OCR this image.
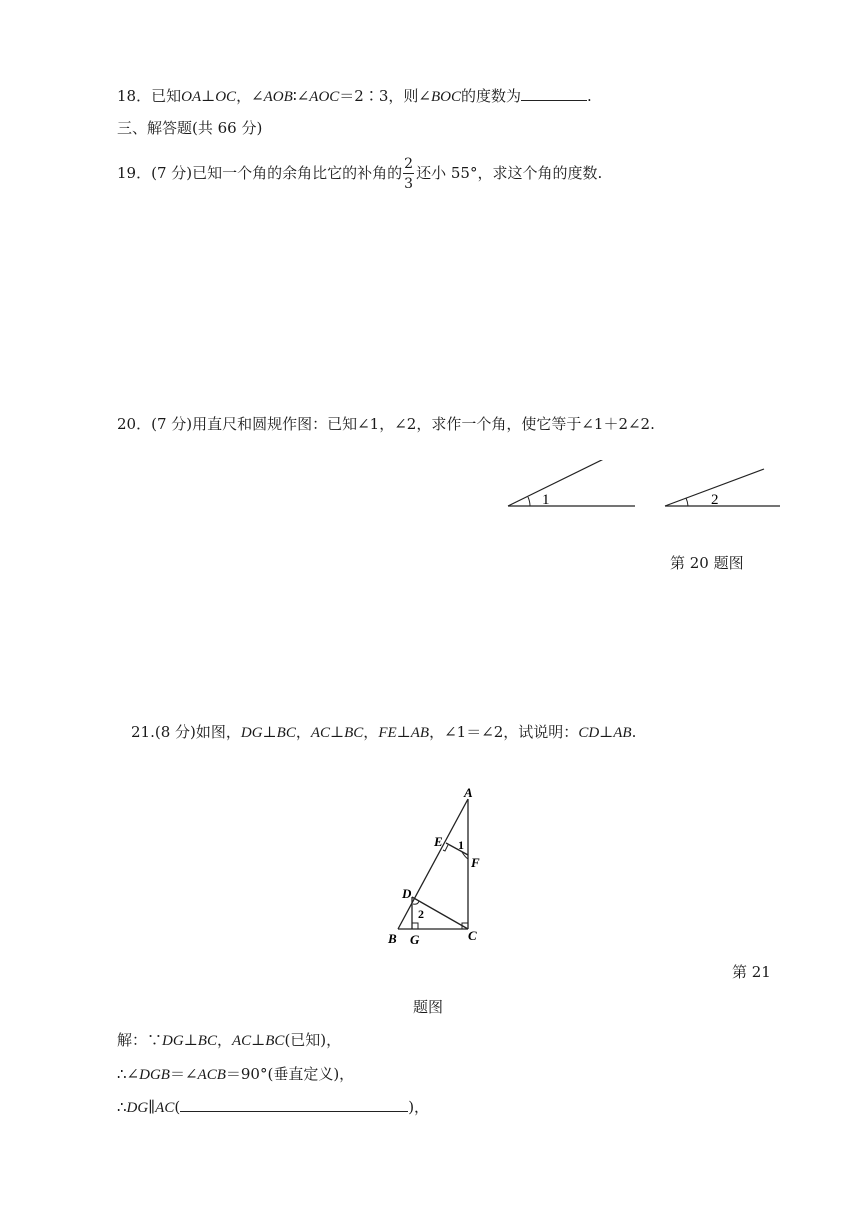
18．已知OA⊥OC，∠AOB∶∠AOC＝2∶3，则∠BOC的度数为	.
三、解答题(共 66 分)
19．(7 分)已知一个角的余角比它的补角的 $\frac{2}{3}$ 还小 55°，求这个角的度数.
20．(7 分)用直尺和圆规作图：已知∠1，∠2，求作一个角，使它等于∠1＋2∠2.
1	2
第 20 题图
21.(8 分)如图，DG⊥BC，AC⊥BC，FE⊥AB，∠1＝∠2，试说明：CD⊥AB.
A
E 1
F
D
2
B G	C
第 21
题图
解：∵DG⊥BC，AC⊥BC(已知)，
∴∠DGB＝∠ACB＝90°(垂直定义)，
∴DG∥AC(	)，
